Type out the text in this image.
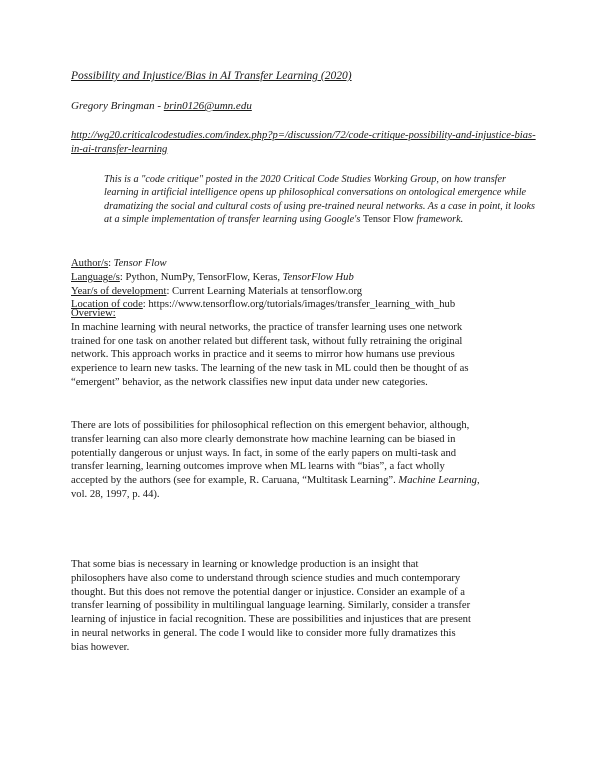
Possibility and Injustice/Bias in AI Transfer Learning (2020)
Gregory Bringman - brin0126@umn.edu
http://wg20.criticalcodestudies.com/index.php?p=/discussion/72/code-critique-possibility-and-injustice-bias-in-ai-transfer-learning
This is a "code critique" posted in the 2020 Critical Code Studies Working Group, on how transfer learning in artificial intelligence opens up philosophical conversations on ontological emergence while dramatizing the social and cultural costs of using pre-trained neural networks. As a case in point, it looks at a simple implementation of transfer learning using Google's Tensor Flow framework.
Author/s: Tensor Flow
Language/s: Python, NumPy, TensorFlow, Keras, TensorFlow Hub
Year/s of development: Current Learning Materials at tensorflow.org
Location of code: https://www.tensorflow.org/tutorials/images/transfer_learning_with_hub
Overview:
In machine learning with neural networks, the practice of transfer learning uses one network
trained for one task on another related but different task, without fully retraining the original
network. This approach works in practice and it seems to mirror how humans use previous
experience to learn new tasks. The learning of the new task in ML could then be thought of as
“emergent” behavior, as the network classifies new input data under new categories.
There are lots of possibilities for philosophical reflection on this emergent behavior, although,
transfer learning can also more clearly demonstrate how machine learning can be biased in
potentially dangerous or unjust ways. In fact, in some of the early papers on multi-task and
transfer learning, learning outcomes improve when ML learns with “bias”, a fact wholly
accepted by the authors (see for example, R. Caruana, “Multitask Learning”. Machine Learning,
vol. 28, 1997, p. 44).
That some bias is necessary in learning or knowledge production is an insight that
philosophers have also come to understand through science studies and much contemporary
thought. But this does not remove the potential danger or injustice. Consider an example of a
transfer learning of possibility in multilingual language learning. Similarly, consider a transfer
learning of injustice in facial recognition. These are possibilities and injustices that are present
in neural networks in general. The code I would like to consider more fully dramatizes this
bias however.
